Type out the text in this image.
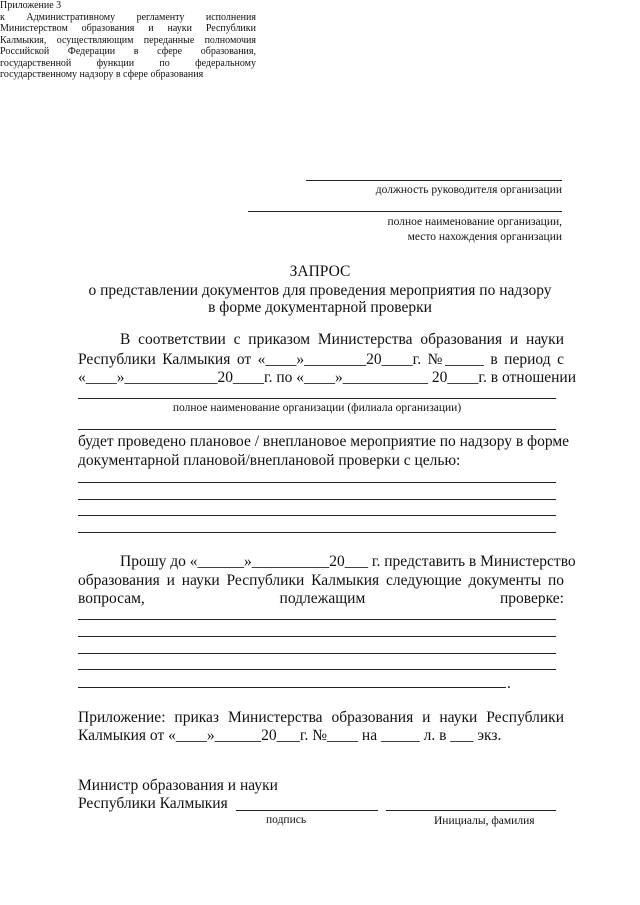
Приложение 3
к Административному регламенту исполнения
Министерством образования и науки Республики
Калмыкия, осуществляющим переданные полномочия
Российской Федерации в сфере образования,
государственной функции по федеральному
государственному надзору в сфере образования
должность руководителя организации
полное наименование организации,
место нахождения организации
ЗАПРОС
о представлении документов для проведения мероприятия по надзору
в форме документарной проверки
В соответствии с приказом Министерства образования и науки
Республики Калмыкия от «____»________20____г. №_____ в период с
«____»____________20____г. по «____»___________ 20____г. в отношении
полное наименование организации (филиала организации)
будет проведено плановое / внеплановое мероприятие по надзору в форме
документарной плановой/внеплановой проверки с целью:
Прошу до «______»__________20___ г. представить в Министерство
образования и науки Республики Калмыкия следующие документы по
вопросам, подлежащим проверке:
.
Приложение: приказ Министерства образования и науки Республики
Калмыкия от «____»______20___г. №____ на _____ л. в ___ экз.
Министр образования и науки
Республики Калмыкия
подпись	Инициалы, фамилия
